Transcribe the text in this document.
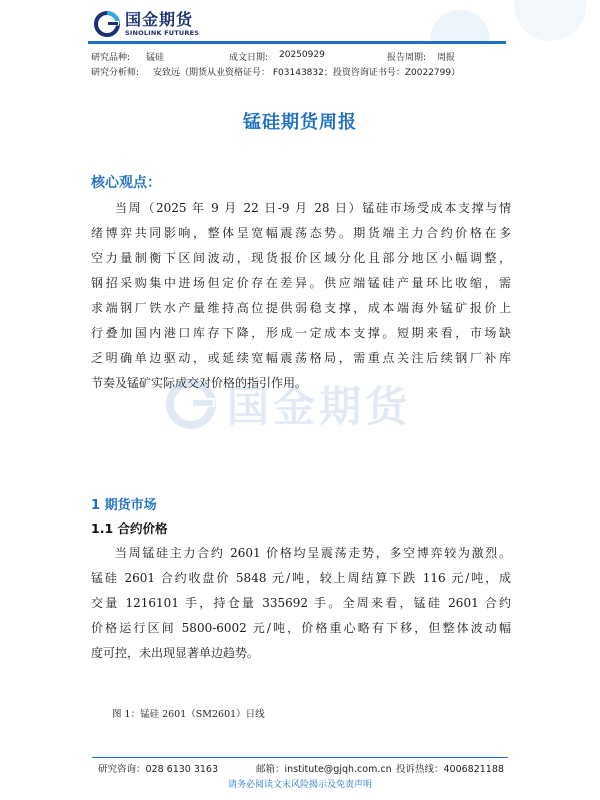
国金期货
SINOLINK FUTURES
研究品种: 锰硅	成文日期: 20250929	报告周期: 周报
研究分析师: 安致远（期货从业资格证号： F03143832；投资咨询证书号：Z0022799）
锰硅期货周报
核心观点：
当周（2025 年 9 月 22 日-9 月 28 日）锰硅市场受成本支撑与情
绪博弈共同影响，整体呈宽幅震荡态势。期货端主力合约价格在多
空力量制衡下区间波动，现货报价区域分化且部分地区小幅调整，
钢招采购集中进场但定价存在差异。供应端锰硅产量环比收缩，需
求端钢厂铁水产量维持高位提供弱稳支撑，成本端海外锰矿报价上
行叠加国内港口库存下降，形成一定成本支撑。短期来看，市场缺
乏明确单边驱动，或延续宽幅震荡格局，需重点关注后续钢厂补库
节奏及锰矿实际成交对价格的指引作用。
国金期货
1 期货市场
1.1 合约价格
当周锰硅主力合约 2601 价格均呈震荡走势，多空博弈较为激烈。
锰硅 2601 合约收盘价 5848 元/吨，较上周结算下跌 116 元/吨，成
交量 1216101 手，持仓量 335692 手。全周来看，锰硅 2601 合约
价格运行区间 5800-6002 元/吨，价格重心略有下移，但整体波动幅
度可控，未出现显著单边趋势。
图 1：锰硅 2601（SM2601）日线
研究咨询：028 6130 3163	邮箱：institute@gjqh.com.cn 投诉热线：4006821188
请务必阅读文末风险揭示及免责声明
